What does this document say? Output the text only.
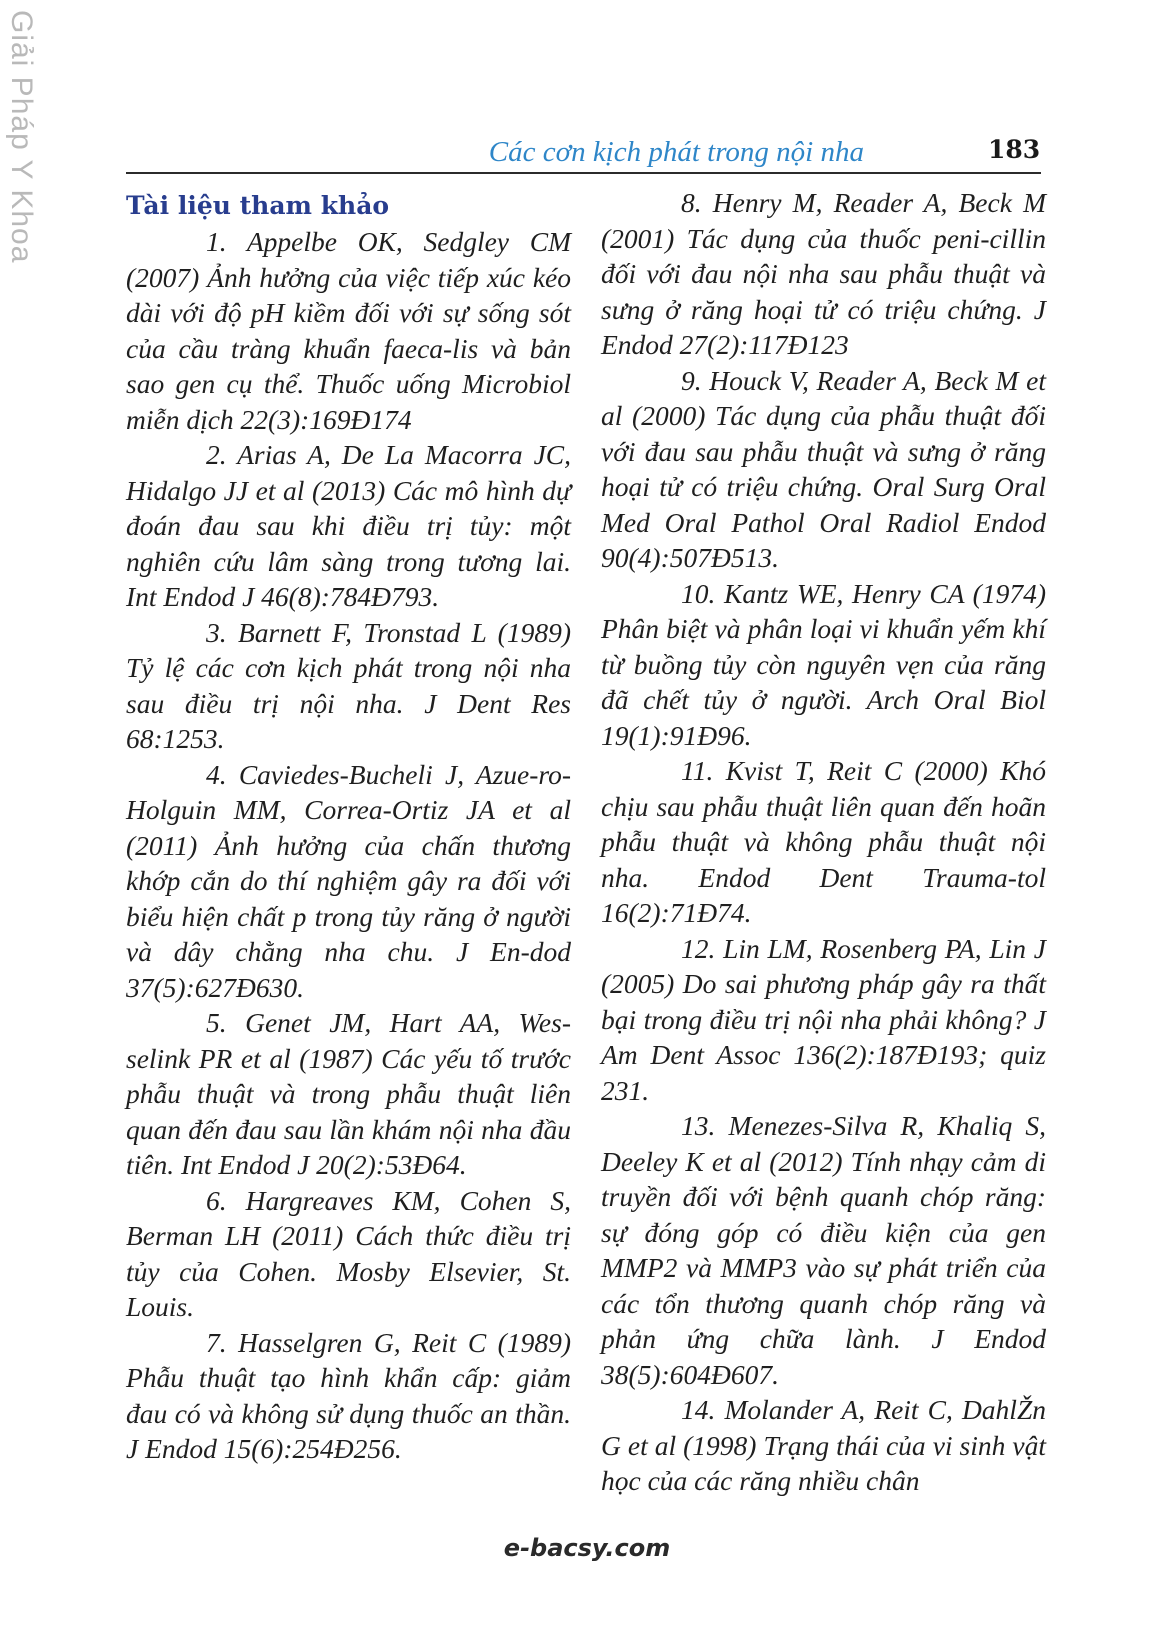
Giải Pháp Y Khoa	Các cơn kịch phát trong nội nha	183
Tài liệu tham khảo

1. Appelbe OK, Sedgley CM (2007) Ảnh hưởng của việc tiếp xúc kéo dài với độ pH kiềm đối với sự sống sót của cầu tràng khuẩn faeca-lis và bản sao gen cụ thể. Thuốc uống Microbiol miễn dịch 22(3):169Đ174

2. Arias A, De La Macorra JC, Hidalgo JJ et al (2013) Các mô hình dự đoán đau sau khi điều trị tủy: một nghiên cứu lâm sàng trong tương lai. Int Endod J 46(8):784Đ793.

3. Barnett F, Tronstad L (1989) Tỷ lệ các cơn kịch phát trong nội nha sau điều trị nội nha. J Dent Res 68:1253.

4. Caviedes-Bucheli J, Azue-ro-Holguin MM, Correa-Ortiz JA et al (2011) Ảnh hưởng của chấn thương khớp cắn do thí nghiệm gây ra đối với biểu hiện chất p trong tủy răng ở người và dây chằng nha chu. J En-dod 37(5):627Đ630.

5. Genet JM, Hart AA, Wes-selink PR et al (1987) Các yếu tố trước phẫu thuật và trong phẫu thuật liên quan đến đau sau lần khám nội nha đầu tiên. Int Endod J 20(2):53Đ64.

6. Hargreaves KM, Cohen S, Berman LH (2011) Cách thức điều trị tủy của Cohen. Mosby Elsevier, St. Louis.

7. Hasselgren G, Reit C (1989) Phẫu thuật tạo hình khẩn cấp: giảm đau có và không sử dụng thuốc an thần. J Endod 15(6):254Đ256.

8. Henry M, Reader A, Beck M (2001) Tác dụng của thuốc peni-cillin đối với đau nội nha sau phẫu thuật và sưng ở răng hoại tử có triệu chứng. J Endod 27(2):117Đ123

9. Houck V, Reader A, Beck M et al (2000) Tác dụng của phẫu thuật đối với đau sau phẫu thuật và sưng ở răng hoại tử có triệu chứng. Oral Surg Oral Med Oral Pathol Oral Radiol Endod 90(4):507Đ513.

10. Kantz WE, Henry CA (1974) Phân biệt và phân loại vi khuẩn yếm khí từ buồng tủy còn nguyên vẹn của răng đã chết tủy ở người. Arch Oral Biol 19(1):91Đ96.

11. Kvist T, Reit C (2000) Khó chịu sau phẫu thuật liên quan đến hoãn phẫu thuật và không phẫu thuật nội nha. Endod Dent Trauma-tol 16(2):71Đ74.

12. Lin LM, Rosenberg PA, Lin J (2005) Do sai phương pháp gây ra thất bại trong điều trị nội nha phải không? J Am Dent Assoc 136(2):187Đ193; quiz 231.

13. Menezes-Silva R, Khaliq S, Deeley K et al (2012) Tính nhạy cảm di truyền đối với bệnh quanh chóp răng: sự đóng góp có điều kiện của gen MMP2 và MMP3 vào sự phát triển của các tổn thương quanh chóp răng và phản ứng chữa lành. J Endod 38(5):604Đ607.

14. Molander A, Reit C, DahlŽn G et al (1998) Trạng thái của vi sinh vật học của các răng nhiều chân

e-bacsy.com
